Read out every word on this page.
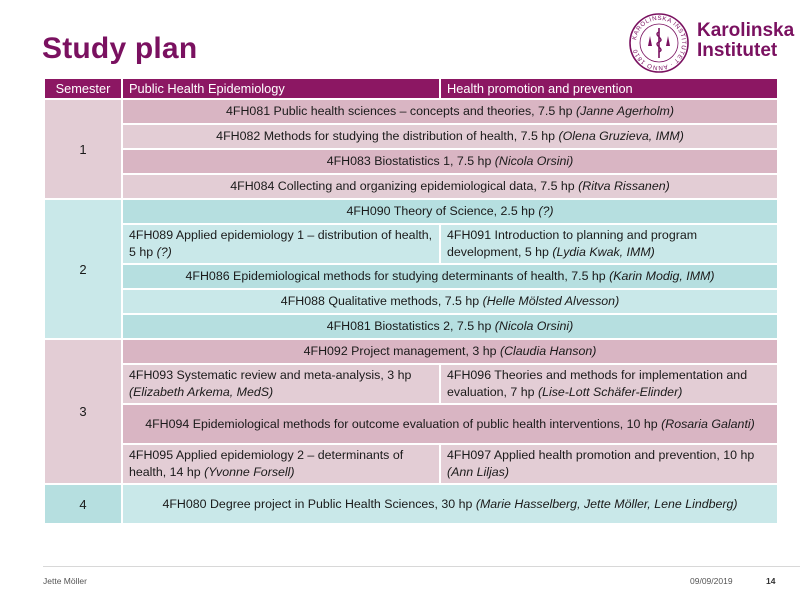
Study plan	KAROLINSKA INSTITUTET · ANNO 1810
Karolinska
Institutet
Semester	Public Health Epidemiology	Health promotion and prevention
1	4FH081 Public health sciences – concepts and theories, 7.5 hp (Janne Agerholm)	
	4FH082 Methods for studying the distribution of health, 7.5 hp (Olena Gruzieva, IMM)	
	4FH083 Biostatistics 1, 7.5 hp (Nicola Orsini)	
	4FH084 Collecting and organizing epidemiological data, 7.5 hp (Ritva Rissanen)	
2	4FH090 Theory of Science, 2.5 hp (?)	
	4FH089 Applied epidemiology 1 – distribution of health, 5 hp (?)	4FH091 Introduction to planning and program development, 5 hp (Lydia Kwak, IMM)
	4FH086 Epidemiological methods for studying determinants of health, 7.5 hp (Karin Modig, IMM)	
	4FH088 Qualitative methods, 7.5 hp (Helle Mölsted Alvesson)	
	4FH081 Biostatistics 2, 7.5 hp (Nicola Orsini)	
3	4FH092 Project management, 3 hp (Claudia Hanson)	
	4FH093 Systematic review and meta-analysis, 3 hp (Elizabeth Arkema, MedS)	4FH096 Theories and methods for implementation and evaluation, 7 hp (Lise-Lott Schäfer-Elinder)
	4FH094 Epidemiological methods for outcome evaluation of public health interventions, 10 hp (Rosaria Galanti)	
	4FH095 Applied epidemiology 2 – determinants of health, 14 hp (Yvonne Forsell)	4FH097 Applied health promotion and prevention, 10 hp (Ann Liljas)
4	4FH080 Degree project in Public Health Sciences, 30 hp (Marie Hasselberg, Jette Möller, Lene Lindberg)	
Jette Möller	09/09/2019	14
